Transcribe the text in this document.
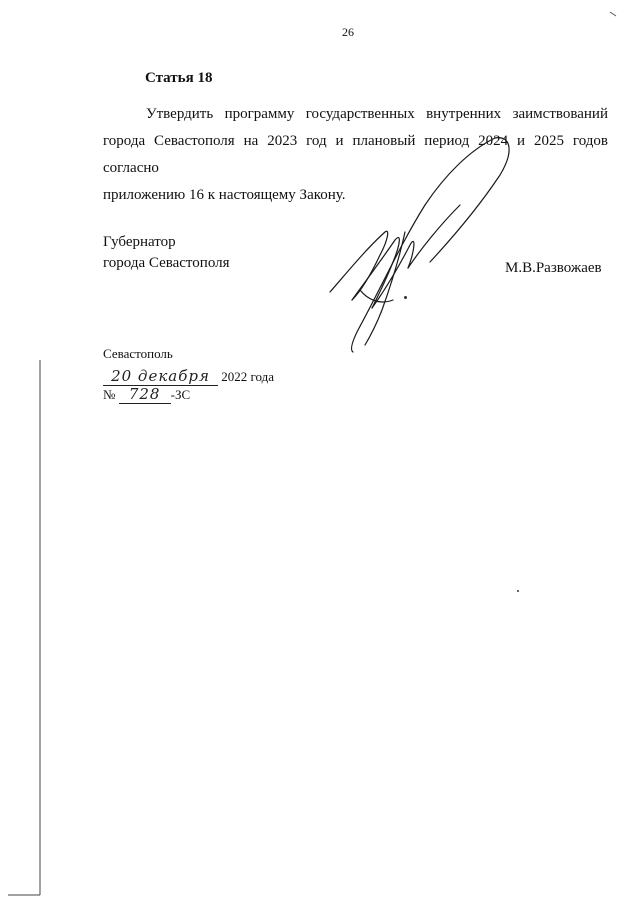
26
Статья 18
Утвердить программу государственных внутренних заимствований
города Севастополя на 2023 год и плановый период 2024 и 2025 годов согласно
приложению 16 к настоящему Закону.
Губернатор
города Севастополя	М.В.Развожаев
Севастополь
20 декабря 2022 года
№ 728 -ЗС
